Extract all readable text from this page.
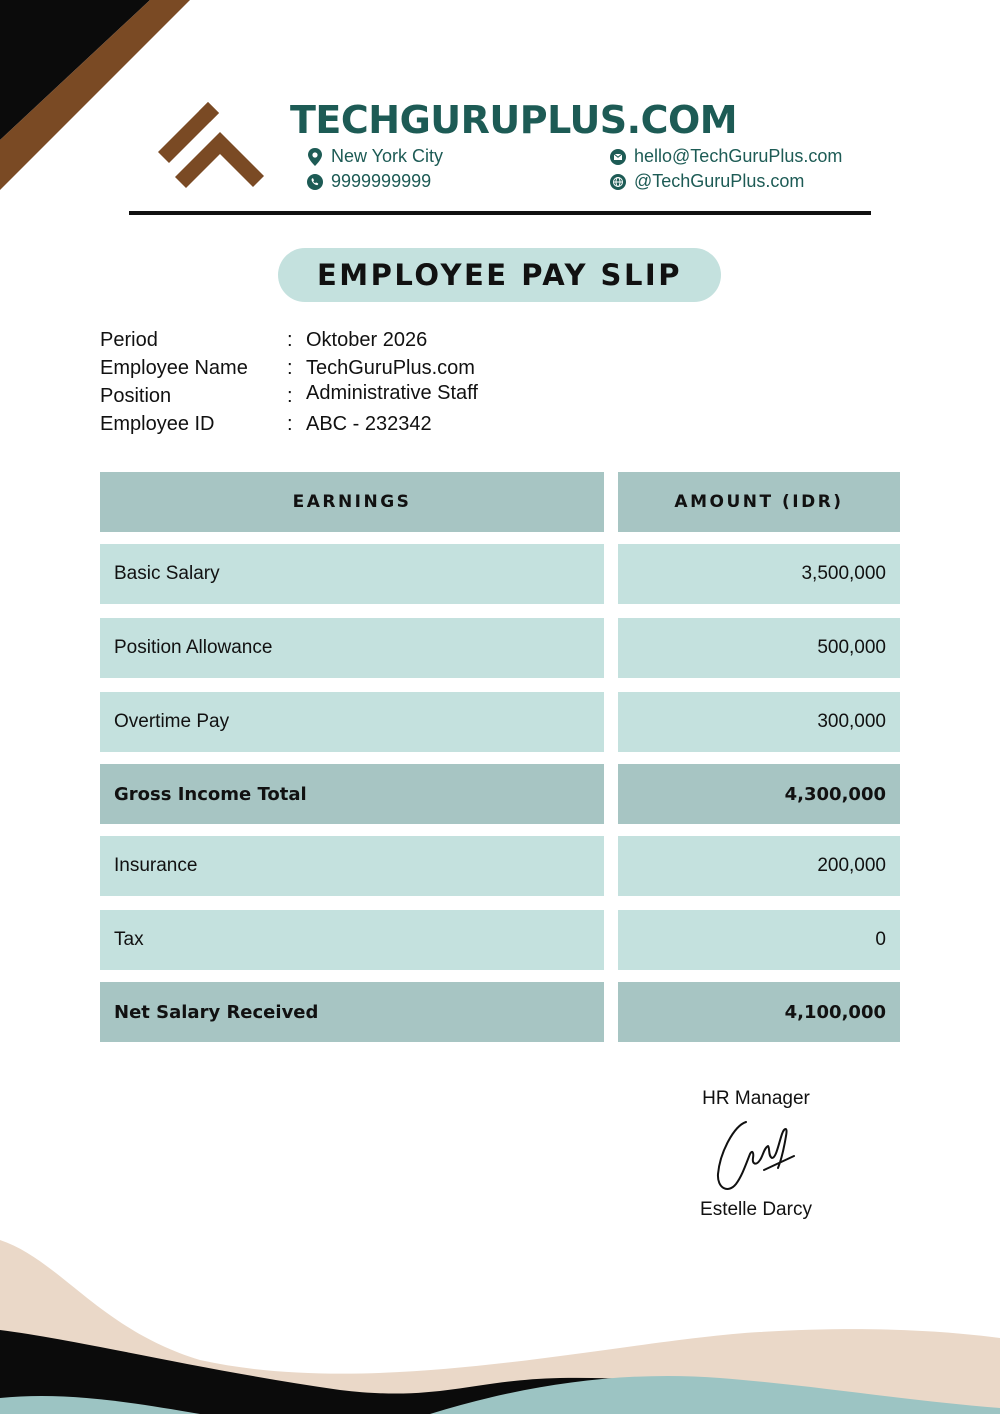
TECHGURUPLUS.COM
New York City
9999999999
hello@TechGuruPlus.com
@TechGuruPlus.com
EMPLOYEE PAY SLIP
Period	: Oktober 2026
Employee Name : TechGuruPlus.com
Position	: Administrative Staff
Employee ID	: ABC - 232342
EARNINGS	AMOUNT (IDR)
Basic Salary	3,500,000
Position Allowance	500,000
Overtime Pay	300,000
Gross Income Total	4,300,000
Insurance	200,000
Tax	0
Net Salary Received	4,100,000
HR Manager
Estelle Darcy
